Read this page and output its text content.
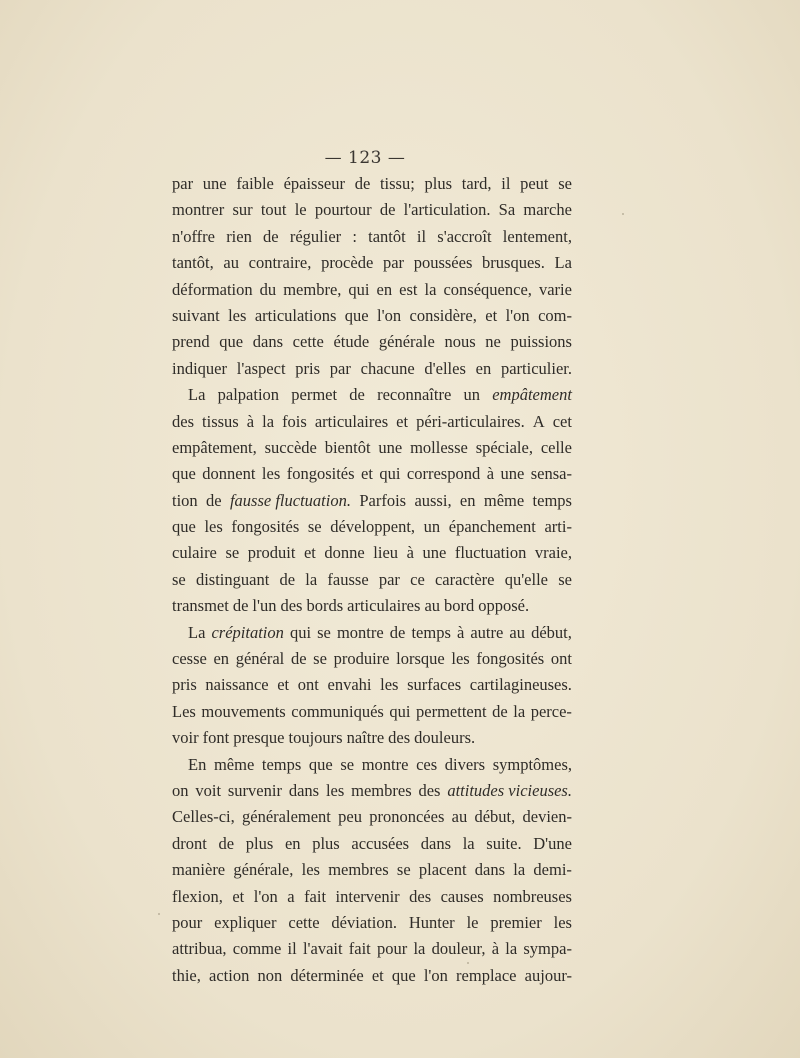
— 123 —
par une faible épaisseur de tissu; plus tard, il peut se
montrer sur tout le pourtour de l'articulation. Sa marche
n'offre rien de régulier : tantôt il s'accroît lentement,
tantôt, au contraire, procède par poussées brusques. La
déformation du membre, qui en est la conséquence, varie
suivant les articulations que l'on considère, et l'on com-
prend que dans cette étude générale nous ne puissions
indiquer l'aspect pris par chacune d'elles en particulier.
La palpation permet de reconnaître un empâtement
des tissus à la fois articulaires et péri-articulaires. A cet
empâtement, succède bientôt une mollesse spéciale, celle
que donnent les fongosités et qui correspond à une sensa-
tion de fausse fluctuation. Parfois aussi, en même temps
que les fongosités se développent, un épanchement arti-
culaire se produit et donne lieu à une fluctuation vraie,
se distinguant de la fausse par ce caractère qu'elle se
transmet de l'un des bords articulaires au bord opposé.
La crépitation qui se montre de temps à autre au début,
cesse en général de se produire lorsque les fongosités ont
pris naissance et ont envahi les surfaces cartilagineuses.
Les mouvements communiqués qui permettent de la perce-
voir font presque toujours naître des douleurs.
En même temps que se montre ces divers symptômes,
on voit survenir dans les membres des attitudes vicieuses.
Celles-ci, généralement peu prononcées au début, devien-
dront de plus en plus accusées dans la suite. D'une
manière générale, les membres se placent dans la demi-
flexion, et l'on a fait intervenir des causes nombreuses
pour expliquer cette déviation. Hunter le premier les
attribua, comme il l'avait fait pour la douleur, à la sympa-
thie, action non déterminée et que l'on remplace aujour-
